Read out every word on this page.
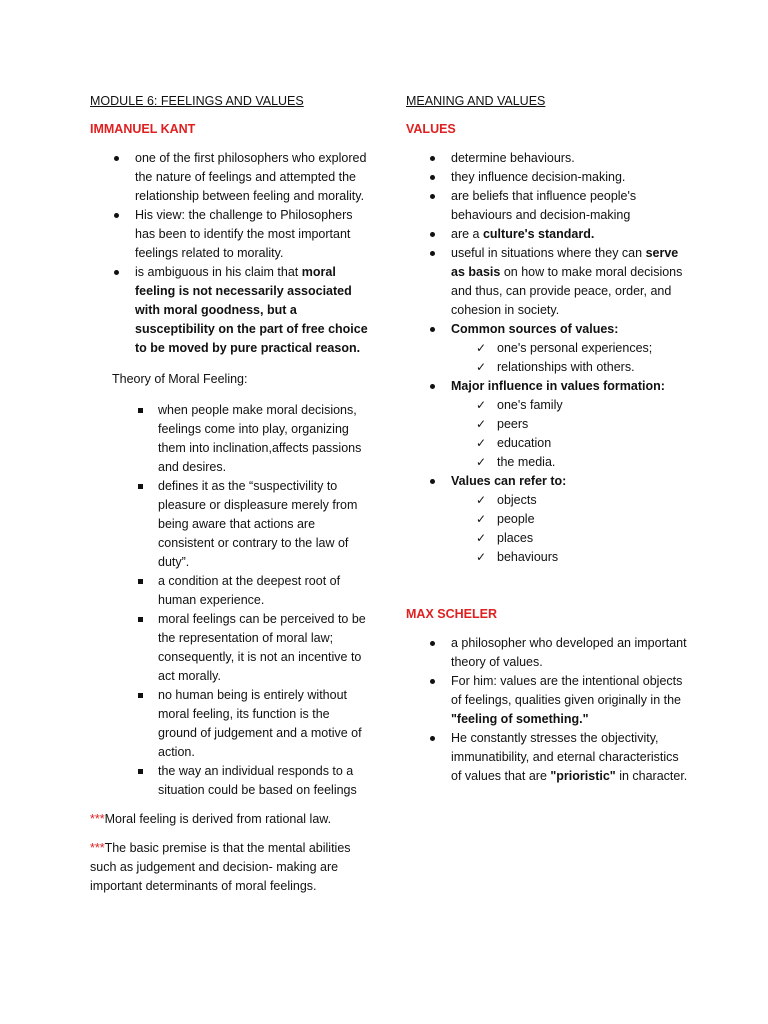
MODULE 6: FEELINGS AND VALUES
IMMANUEL KANT
one of the first philosophers who explored the nature of feelings and attempted the relationship between feeling and morality.
His view: the challenge to Philosophers has been to identify the most important feelings related to morality.
is ambiguous in his claim that moral feeling is not necessarily associated with moral goodness, but a susceptibility on the part of free choice to be moved by pure practical reason.
Theory of Moral Feeling:
when people make moral decisions, feelings come into play, organizing them into inclination,affects passions and desires.
defines it as the “suspectivility to pleasure or displeasure merely from being aware that actions are consistent or contrary to the law of duty”.
a condition at the deepest root of human experience.
moral feelings can be perceived to be the representation of moral law; consequently, it is not an incentive to act morally.
no human being is entirely without moral feeling, its function is the ground of judgement and a motive of action.
the way an individual responds to a situation could be based on feelings

***Moral feeling is derived from rational law.

***The basic premise is that the mental abilities such as judgement and decision- making are important determinants of moral feelings.

MEANING AND VALUES
VALUES
determine behaviours.
they influence decision-making.
are beliefs that influence people's behaviours and decision-making
are a culture's standard.
useful in situations where they can serve as basis on how to make moral decisions and thus, can provide peace, order, and cohesion in society.
Common sources of values:
✓ one's personal experiences;
✓ relationships with others.
Major influence in values formation:
✓ one's family
✓ peers
✓ education
✓ the media.
Values can refer to:
✓ objects
✓ people
✓ places
✓ behaviours
MAX SCHELER
a philosopher who developed an important theory of values.
For him: values are the intentional objects of feelings, qualities given originally in the "feeling of something."
He constantly stresses the objectivity, immunatibility, and eternal characteristics of values that are "prioristic" in character.
